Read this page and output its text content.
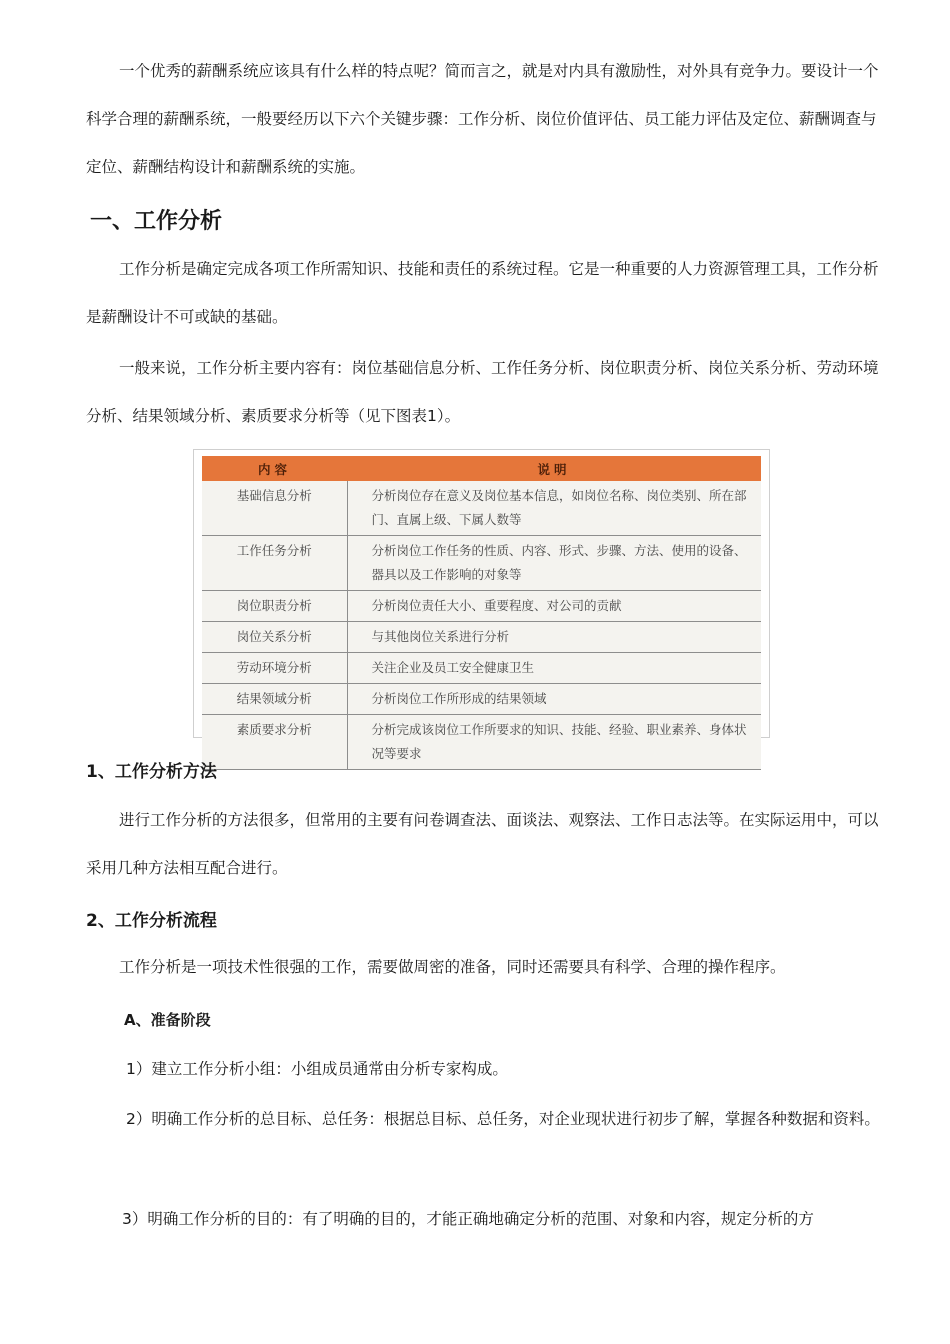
一个优秀的薪酬系统应该具有什么样的特点呢？简而言之，就是对内具有激励性，对外具有竞争力。要设计一个科学合理的薪酬系统，一般要经历以下六个关键步骤：工作分析、岗位价值评估、员工能力评估及定位、薪酬调查与定位、薪酬结构设计和薪酬系统的实施。

一、工作分析

工作分析是确定完成各项工作所需知识、技能和责任的系统过程。它是一种重要的人力资源管理工具，工作分析是薪酬设计不可或缺的基础。

一般来说，工作分析主要内容有：岗位基础信息分析、工作任务分析、岗位职责分析、岗位关系分析、劳动环境分析、结果领域分析、素质要求分析等（见下图表1）。

内容	说明
基础信息分析	分析岗位存在意义及岗位基本信息，如岗位名称、岗位类别、所在部门、直属上级、下属人数等
工作任务分析	分析岗位工作任务的性质、内容、形式、步骤、方法、使用的设备、器具以及工作影响的对象等
岗位职责分析	分析岗位责任大小、重要程度、对公司的贡献
岗位关系分析	与其他岗位关系进行分析
劳动环境分析	关注企业及员工安全健康卫生
结果领域分析	分析岗位工作所形成的结果领域
素质要求分析	分析完成该岗位工作所要求的知识、技能、经验、职业素养、身体状况等要求
1、工作分析方法

进行工作分析的方法很多，但常用的主要有问卷调查法、面谈法、观察法、工作日志法等。在实际运用中，可以采用几种方法相互配合进行。

2、工作分析流程

工作分析是一项技术性很强的工作，需要做周密的准备，同时还需要具有科学、合理的操作程序。

A、准备阶段

1）建立工作分析小组：小组成员通常由分析专家构成。

2）明确工作分析的总目标、总任务：根据总目标、总任务，对企业现状进行初步了解，掌握各种数据和资料。

3）明确工作分析的目的：有了明确的目的，才能正确地确定分析的范围、对象和内容，规定分析的方
